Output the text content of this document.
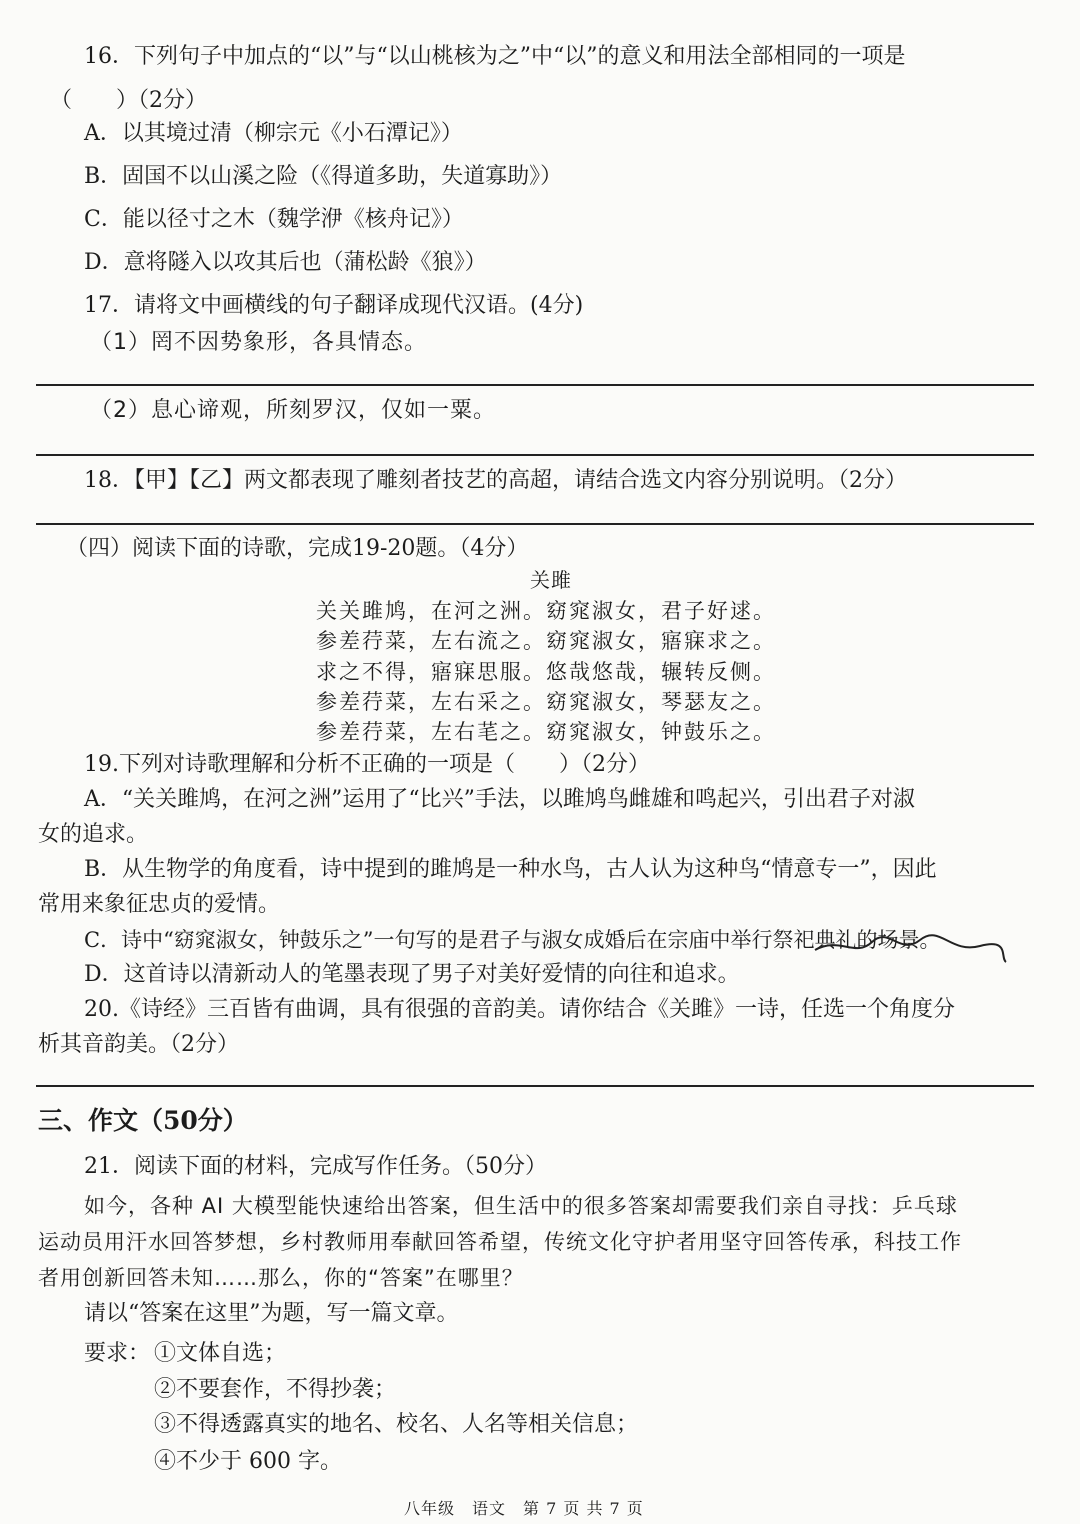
16．下列句子中加点的“以”与“以山桃核为之”中“以”的意义和用法全部相同的一项是
（　　）（2分）
A．以其境过清（柳宗元《小石潭记》）
B．固国不以山溪之险（《得道多助，失道寡助》）
C．能以径寸之木（魏学洢《核舟记》）
D．意将隧入以攻其后也（蒲松龄《狼》）
17．请将文中画横线的句子翻译成现代汉语。(4分)
（1）罔不因势象形，各具情态。
（2）息心谛观，所刻罗汉，仅如一粟。
18．【甲】【乙】两文都表现了雕刻者技艺的高超，请结合选文内容分别说明。（2分）
（四）阅读下面的诗歌，完成19-20题。（4分）
关雎
关关雎鸠，在河之洲。窈窕淑女，君子好逑。
参差荇菜，左右流之。窈窕淑女，寤寐求之。
求之不得，寤寐思服。悠哉悠哉，辗转反侧。
参差荇菜，左右采之。窈窕淑女，琴瑟友之。
参差荇菜，左右芼之。窈窕淑女，钟鼓乐之。
19.下列对诗歌理解和分析不正确的一项是（　　）（2分）
A．“关关雎鸠，在河之洲”运用了“比兴”手法，以雎鸠鸟雌雄和鸣起兴，引出君子对淑
女的追求。
B．从生物学的角度看，诗中提到的雎鸠是一种水鸟，古人认为这种鸟“情意专一”，因此
常用来象征忠贞的爱情。
C．诗中“窈窕淑女，钟鼓乐之”一句写的是君子与淑女成婚后在宗庙中举行祭祀典礼的场景。
D．这首诗以清新动人的笔墨表现了男子对美好爱情的向往和追求。
20.《诗经》三百皆有曲调，具有很强的音韵美。请你结合《关雎》一诗，任选一个角度分
析其音韵美。（2分）
三、作文（50分）
21．阅读下面的材料，完成写作任务。（50分）
如今，各种 AI 大模型能快速给出答案，但生活中的很多答案却需要我们亲自寻找：乒乓球
运动员用汗水回答梦想，乡村教师用奉献回答希望，传统文化守护者用坚守回答传承，科技工作
者用创新回答未知……那么，你的“答案”在哪里？
请以“答案在这里”为题，写一篇文章。
要求： ①文体自选；
②不要套作，不得抄袭；
③不得透露真实的地名、校名、人名等相关信息；
④不少于 600 字。
八年级　语文　第 7 页 共 7 页
